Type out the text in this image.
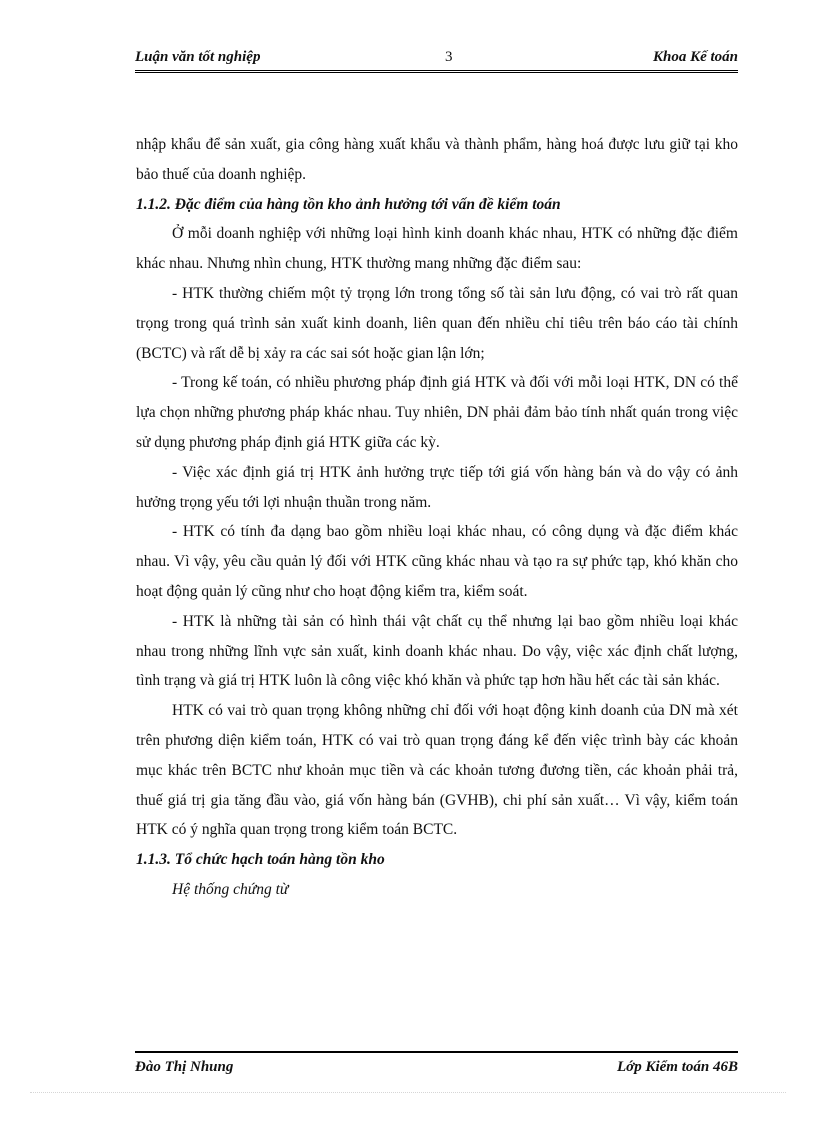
Luận văn tốt nghiệp	3	Khoa Kế toán

nhập khẩu để sản xuất, gia công hàng xuất khẩu và thành phẩm, hàng hoá được lưu giữ tại kho bảo thuế của doanh nghiệp.

1.1.2. Đặc điểm của hàng tồn kho ảnh hưởng tới vấn đề kiểm toán

Ở mỗi doanh nghiệp với những loại hình kinh doanh khác nhau, HTK có những đặc điểm khác nhau. Nhưng nhìn chung, HTK thường mang những đặc điểm sau:

- HTK thường chiếm một tỷ trọng lớn trong tổng số tài sản lưu động, có vai trò rất quan trọng trong quá trình sản xuất kinh doanh, liên quan đến nhiều chỉ tiêu trên báo cáo tài chính (BCTC) và rất dễ bị xảy ra các sai sót hoặc gian lận lớn;

- Trong kế toán, có nhiều phương pháp định giá HTK và đối với mỗi loại HTK, DN có thể lựa chọn những phương pháp khác nhau. Tuy nhiên, DN phải đảm bảo tính nhất quán trong việc sử dụng phương pháp định giá HTK giữa các kỳ.

- Việc xác định giá trị HTK ảnh hưởng trực tiếp tới giá vốn hàng bán và do vậy có ảnh hưởng trọng yếu tới lợi nhuận thuần trong năm.

- HTK có tính đa dạng bao gồm nhiều loại khác nhau, có công dụng và đặc điểm khác nhau. Vì vậy, yêu cầu quản lý đối với HTK cũng khác nhau và tạo ra sự phức tạp, khó khăn cho hoạt động quản lý cũng như cho hoạt động kiểm tra, kiểm soát.

- HTK là những tài sản có hình thái vật chất cụ thể nhưng lại bao gồm nhiều loại khác nhau trong những lĩnh vực sản xuất, kinh doanh khác nhau. Do vậy, việc xác định chất lượng, tình trạng và giá trị HTK luôn là công việc khó khăn và phức tạp hơn hầu hết các tài sản khác.

HTK có vai trò quan trọng không những chỉ đối với hoạt động kinh doanh của DN mà xét trên phương diện kiểm toán, HTK có vai trò quan trọng đáng kể đến việc trình bày các khoản mục khác trên BCTC như khoản mục tiền và các khoản tương đương tiền, các khoản phải trả, thuế giá trị gia tăng đầu vào, giá vốn hàng bán (GVHB), chi phí sản xuất… Vì vậy, kiểm toán HTK có ý nghĩa quan trọng trong kiểm toán BCTC.

1.1.3. Tổ chức hạch toán hàng tồn kho

Hệ thống chứng từ

Đào Thị Nhung	Lớp Kiểm toán 46B
